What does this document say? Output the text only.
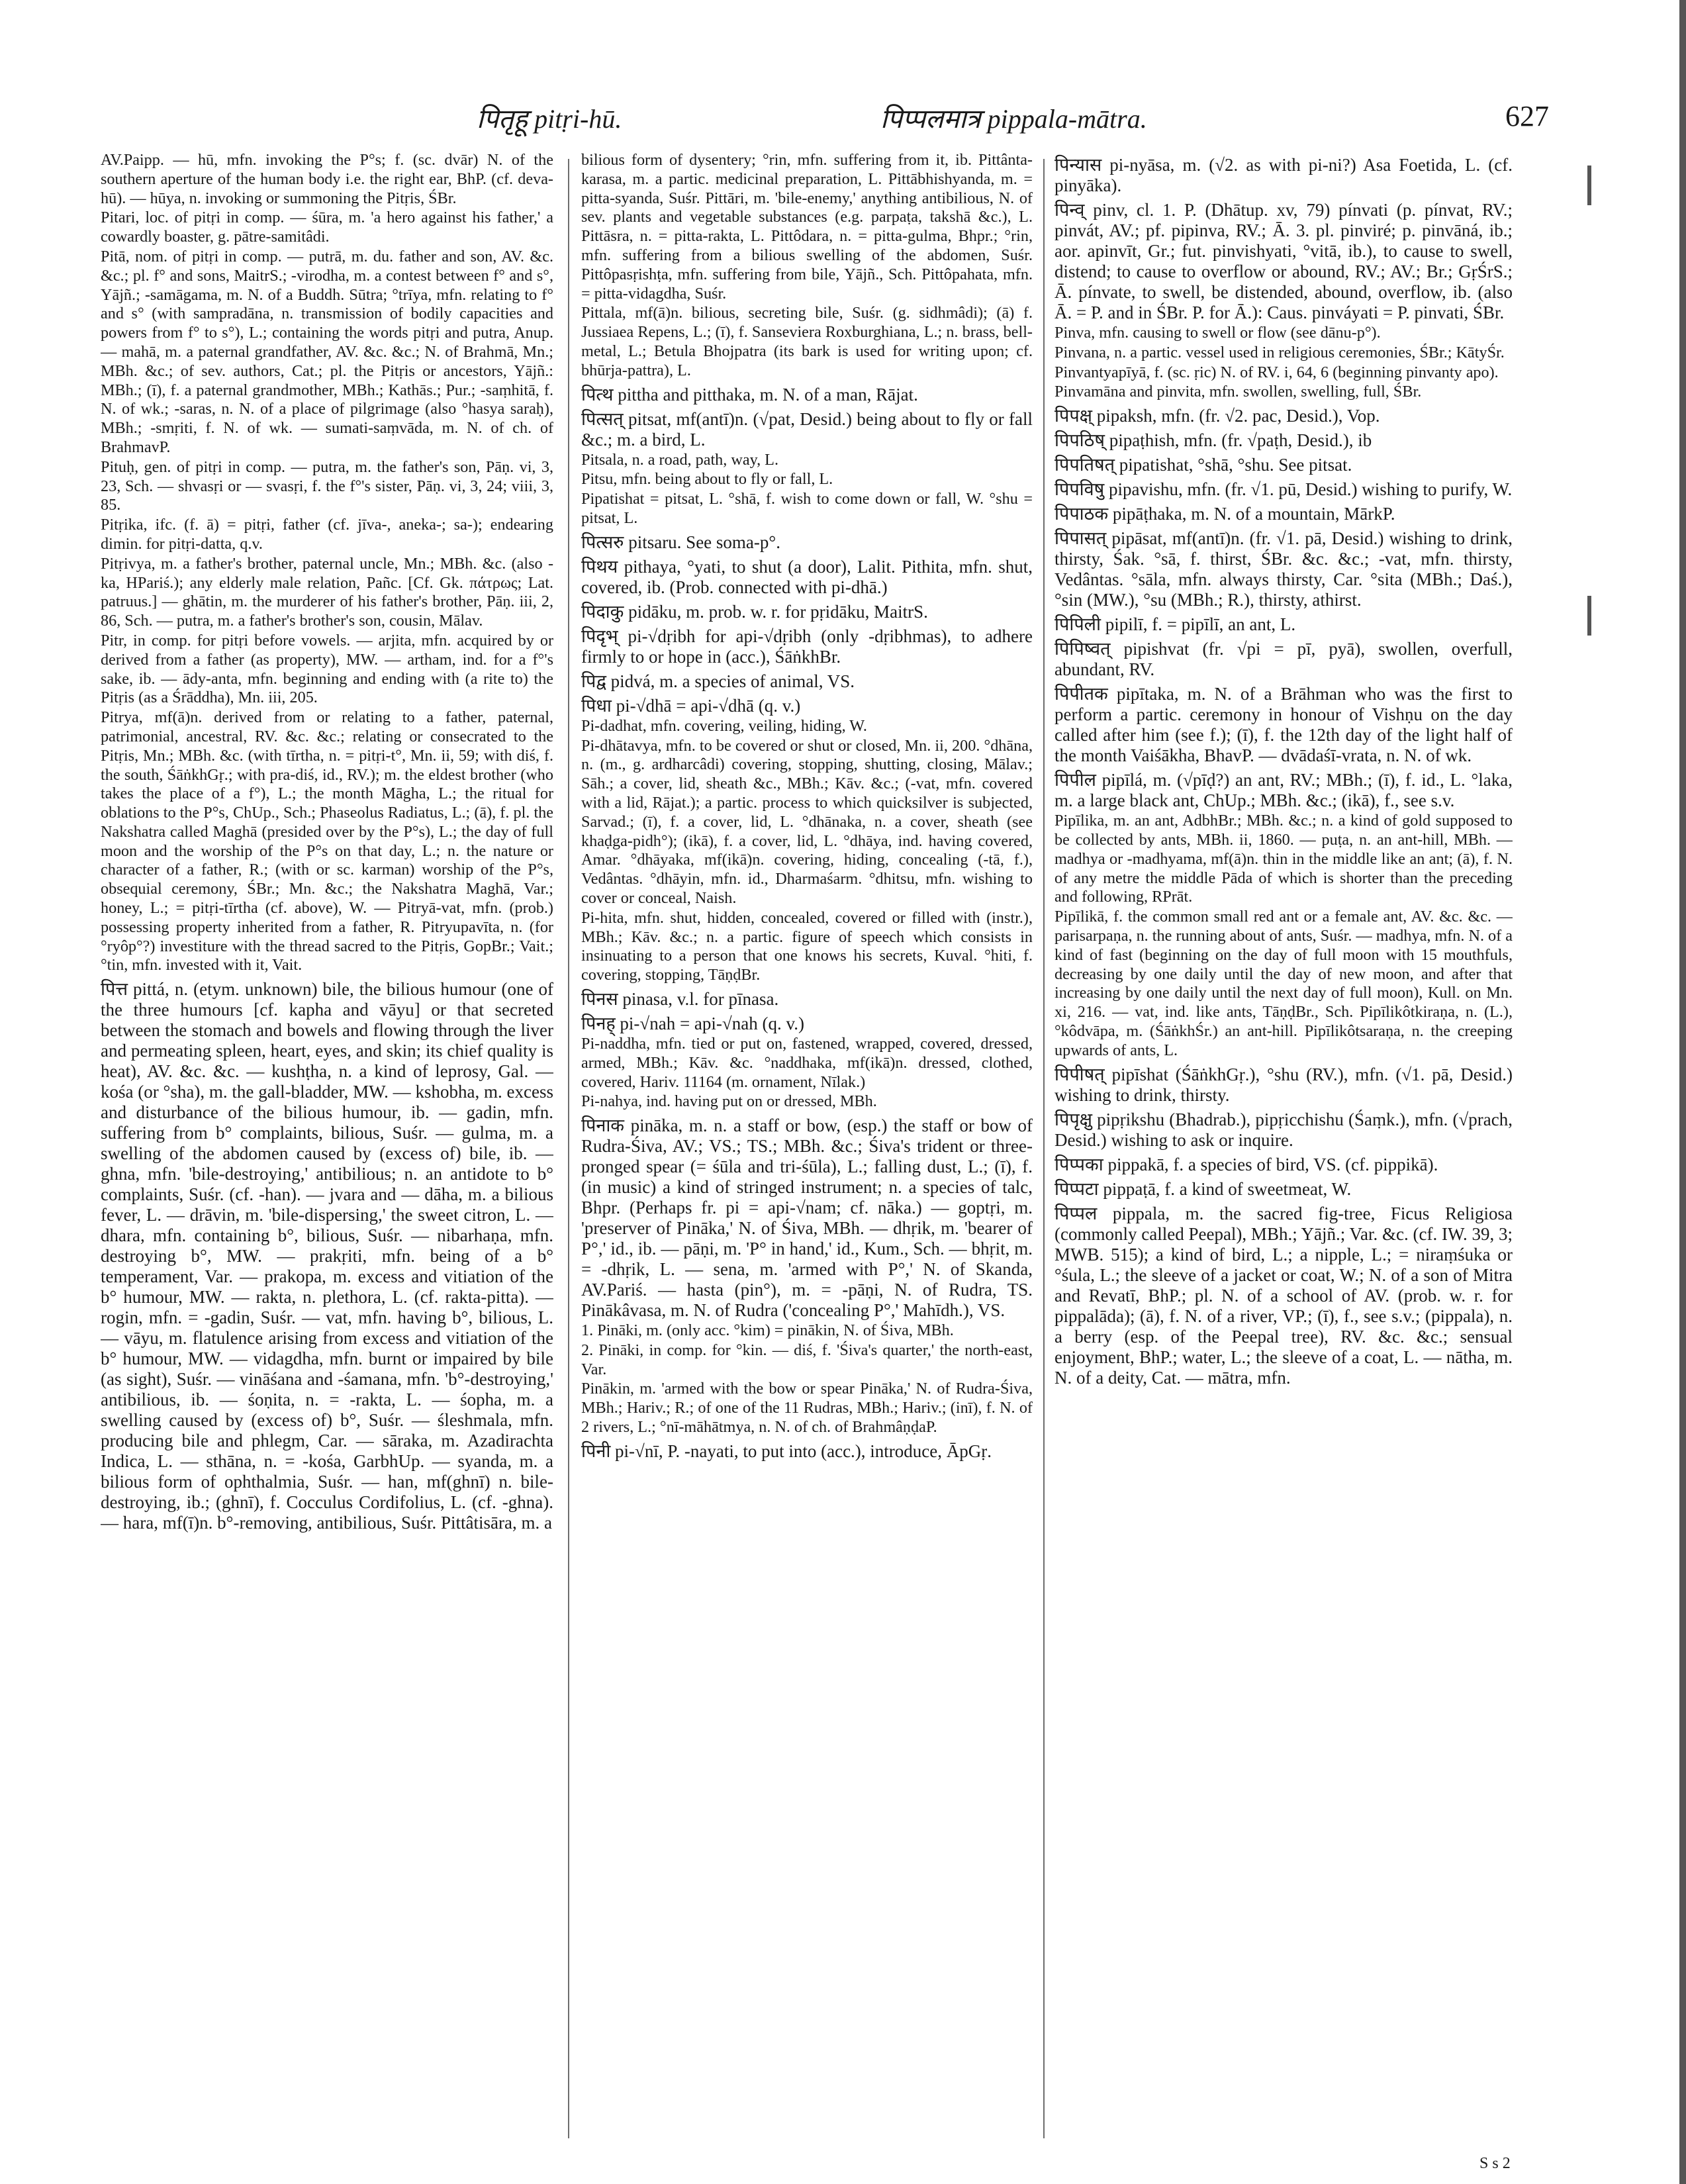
पितृहू pitṛi-hū.	पिप्पलमात्र pippala-mātra.	627

AV.Paipp. — hū, mfn. invoking the P°s; f. (sc. dvār) N. of the southern aperture of the human body i.e. the right ear, BhP. (cf. deva-hū). — hūya, n. invoking or summoning the Pitṛis, ŚBr.

Pitari, loc. of pitṛi in comp. — śūra, m. 'a hero against his father,' a cowardly boaster, g. pātre-samitâdi.

Pitā, nom. of pitṛi in comp. — putrā, m. du. father and son, AV. &c. &c.; pl. f° and sons, MaitrS.; -virodha, m. a contest between f° and s°, Yājñ.; -samāgama, m. N. of a Buddh. Sūtra; °trīya, mfn. relating to f° and s° (with sampradāna, n. transmission of bodily capacities and powers from f° to s°), L.; containing the words pitṛi and putra, Anup. — mahā, m. a paternal grandfather, AV. &c. &c.; N. of Brahmā, Mn.; MBh. &c.; of sev. authors, Cat.; pl. the Pitṛis or ancestors, Yājñ.: MBh.; (ī), f. a paternal grandmother, MBh.; Kathās.; Pur.; -saṃhitā, f. N. of wk.; -saras, n. N. of a place of pilgrimage (also °hasya saraḥ), MBh.; -smṛiti, f. N. of wk. — sumati-saṃvāda, m. N. of ch. of BrahmavP.

Pituḥ, gen. of pitṛi in comp. — putra, m. the father's son, Pāṇ. vi, 3, 23, Sch. — shvasṛi or — svasṛi, f. the f°'s sister, Pāṇ. vi, 3, 24; viii, 3, 85.

Pitṛika, ifc. (f. ā) = pitṛi, father (cf. jīva-, aneka-; sa-); endearing dimin. for pitṛi-datta, q.v.

Pitṛivya, m. a father's brother, paternal uncle, Mn.; MBh. &c. (also -ka, HPariś.); any elderly male relation, Pañc. [Cf. Gk. πάτρως; Lat. patruus.] — ghātin, m. the murderer of his father's brother, Pāṇ. iii, 2, 86, Sch. — putra, m. a father's brother's son, cousin, Mālav.

Pitr, in comp. for pitṛi before vowels. — arjita, mfn. acquired by or derived from a father (as property), MW. — artham, ind. for a f°'s sake, ib. — ādy-anta, mfn. beginning and ending with (a rite to) the Pitṛis (as a Śrāddha), Mn. iii, 205.

Pitrya, mf(ā)n. derived from or relating to a father, paternal, patrimonial, ancestral, RV. &c. &c.; relating or consecrated to the Pitṛis, Mn.; MBh. &c. (with tīrtha, n. = pitṛi-t°, Mn. ii, 59; with diś, f. the south, ŚāṅkhGṛ.; with pra-diś, id., RV.); m. the eldest brother (who takes the place of a f°), L.; the month Māgha, L.; the ritual for oblations to the P°s, ChUp., Sch.; Phaseolus Radiatus, L.; (ā), f. pl. the Nakshatra called Maghā (presided over by the P°s), L.; the day of full moon and the worship of the P°s on that day, L.; n. the nature or character of a father, R.; (with or sc. karman) worship of the P°s, obsequial ceremony, ŚBr.; Mn. &c.; the Nakshatra Maghā, Var.; honey, L.; = pitṛi-tīrtha (cf. above), W. — Pitryā-vat, mfn. (prob.) possessing property inherited from a father, R. Pitryupavīta, n. (for °ryôp°?) investiture with the thread sacred to the Pitṛis, GopBr.; Vait.; °tin, mfn. invested with it, Vait.

पित्त pittá, n. (etym. unknown) bile, the bilious humour (one of the three humours [cf. kapha and vāyu] or that secreted between the stomach and bowels and flowing through the liver and permeating spleen, heart, eyes, and skin; its chief quality is heat), AV. &c. &c. — kushṭha, n. a kind of leprosy, Gal. — kośa (or °sha), m. the gall-bladder, MW. — kshobha, m. excess and disturbance of the bilious humour, ib. — gadin, mfn. suffering from b° complaints, bilious, Suśr. — gulma, m. a swelling of the abdomen caused by (excess of) bile, ib. — ghna, mfn. 'bile-destroying,' antibilious; n. an antidote to b° complaints, Suśr. (cf. -han). — jvara and — dāha, m. a bilious fever, L. — drāvin, m. 'bile-dispersing,' the sweet citron, L. — dhara, mfn. containing b°, bilious, Suśr. — nibarhaṇa, mfn. destroying b°, MW. — prakṛiti, mfn. being of a b° temperament, Var. — prakopa, m. excess and vitiation of the b° humour, MW. — rakta, n. plethora, L. (cf. rakta-pitta). — rogin, mfn. = -gadin, Suśr. — vat, mfn. having b°, bilious, L. — vāyu, m. flatulence arising from excess and vitiation of the b° humour, MW. — vidagdha, mfn. burnt or impaired by bile (as sight), Suśr. — vināśana and -śamana, mfn. 'b°-destroying,' antibilious, ib. — śoṇita, n. = -rakta, L. — śopha, m. a swelling caused by (excess of) b°, Suśr. — śleshmala, mfn. producing bile and phlegm, Car. — sāraka, m. Azadirachta Indica, L. — sthāna, n. = -kośa, GarbhUp. — syanda, m. a bilious form of ophthalmia, Suśr. — han, mf(ghnī) n. bile-destroying, ib.; (ghnī), f. Cocculus Cordifolius, L. (cf. -ghna). — hara, mf(ī)n. b°-removing, antibilious, Suśr. Pittâtisāra, m. a

bilious form of dysentery; °rin, mfn. suffering from it, ib. Pittânta-karasa, m. a partic. medicinal preparation, L. Pittābhishyanda, m. = pitta-syanda, Suśr. Pittāri, m. 'bile-enemy,' anything antibilious, N. of sev. plants and vegetable substances (e.g. parpaṭa, takshā &c.), L. Pittāsra, n. = pitta-rakta, L. Pittôdara, n. = pitta-gulma, Bhpr.; °rin, mfn. suffering from a bilious swelling of the abdomen, Suśr. Pittôpasṛishṭa, mfn. suffering from bile, Yājñ., Sch. Pittôpahata, mfn. = pitta-vidagdha, Suśr.

Pittala, mf(ā)n. bilious, secreting bile, Suśr. (g. sidhmâdi); (ā) f. Jussiaea Repens, L.; (ī), f. Sanseviera Roxburghiana, L.; n. brass, bell-metal, L.; Betula Bhojpatra (its bark is used for writing upon; cf. bhūrja-pattra), L.

पित्थ pittha and pitthaka, m. N. of a man, Rājat.

पित्सत् pitsat, mf(antī)n. (√pat, Desid.) being about to fly or fall &c.; m. a bird, L.

Pitsala, n. a road, path, way, L.

Pitsu, mfn. being about to fly or fall, L.

Pipatishat = pitsat, L. °shā, f. wish to come down or fall, W. °shu = pitsat, L.

पित्सरु pitsaru. See soma-p°.

पिथय pithaya, °yati, to shut (a door), Lalit. Pithita, mfn. shut, covered, ib. (Prob. connected with pi-dhā.)

पिदाकु pidāku, m. prob. w. r. for pṛidāku, MaitrS.

पिदृभ् pi-√dṛibh for api-√dṛibh (only -dṛibhmas), to adhere firmly to or hope in (acc.), ŚāṅkhBr.

पिद्व pidvá, m. a species of animal, VS.

पिधा pi-√dhā = api-√dhā (q. v.)

Pi-dadhat, mfn. covering, veiling, hiding, W.

Pi-dhātavya, mfn. to be covered or shut or closed, Mn. ii, 200. °dhāna, n. (m., g. ardharcâdi) covering, stopping, shutting, closing, Mālav.; Sāh.; a cover, lid, sheath &c., MBh.; Kāv. &c.; (-vat, mfn. covered with a lid, Rājat.); a partic. process to which quicksilver is subjected, Sarvad.; (ī), f. a cover, lid, L. °dhānaka, n. a cover, sheath (see khaḍga-pidh°); (ikā), f. a cover, lid, L. °dhāya, ind. having covered, Amar. °dhāyaka, mf(ikā)n. covering, hiding, concealing (-tā, f.), Vedântas. °dhāyin, mfn. id., Dharmaśarm. °dhitsu, mfn. wishing to cover or conceal, Naish.

Pi-hita, mfn. shut, hidden, concealed, covered or filled with (instr.), MBh.; Kāv. &c.; n. a partic. figure of speech which consists in insinuating to a person that one knows his secrets, Kuval. °hiti, f. covering, stopping, TāṇḍBr.

पिनस pinasa, v.l. for pīnasa.

पिनह् pi-√nah = api-√nah (q. v.)

Pi-naddha, mfn. tied or put on, fastened, wrapped, covered, dressed, armed, MBh.; Kāv. &c. °naddhaka, mf(ikā)n. dressed, clothed, covered, Hariv. 11164 (m. ornament, Nīlak.)

Pi-nahya, ind. having put on or dressed, MBh.

पिनाक pināka, m. n. a staff or bow, (esp.) the staff or bow of Rudra-Śiva, AV.; VS.; TS.; MBh. &c.; Śiva's trident or three-pronged spear (= śūla and tri-śūla), L.; falling dust, L.; (ī), f. (in music) a kind of stringed instrument; n. a species of talc, Bhpr. (Perhaps fr. pi = api-√nam; cf. nāka.) — goptṛi, m. 'preserver of Pināka,' N. of Śiva, MBh. — dhṛik, m. 'bearer of P°,' id., ib. — pāṇi, m. 'P° in hand,' id., Kum., Sch. — bhṛit, m. = -dhṛik, L. — sena, m. 'armed with P°,' N. of Skanda, AV.Pariś. — hasta (pin°), m. = -pāṇi, N. of Rudra, TS. Pinākâvasa, m. N. of Rudra ('concealing P°,' Mahīdh.), VS.

1. Pināki, m. (only acc. °kim) = pinākin, N. of Śiva, MBh.

2. Pināki, in comp. for °kin. — diś, f. 'Śiva's quarter,' the north-east, Var.

Pinākin, m. 'armed with the bow or spear Pināka,' N. of Rudra-Śiva, MBh.; Hariv.; R.; of one of the 11 Rudras, MBh.; Hariv.; (inī), f. N. of 2 rivers, L.; °nī-māhātmya, n. N. of ch. of BrahmâṇḍaP.

पिनी pi-√nī, P. -nayati, to put into (acc.), introduce, ĀpGṛ.

पिन्यास pi-nyāsa, m. (√2. as with pi-ni?) Asa Foetida, L. (cf. pinyāka).

पिन्व् pinv, cl. 1. P. (Dhātup. xv, 79) pínvati (p. pínvat, RV.; pinvát, AV.; pf. pipinva, RV.; Ā. 3. pl. pinviré; p. pinvāná, ib.; aor. apinvīt, Gr.; fut. pinvishyati, °vitā, ib.), to cause to swell, distend; to cause to overflow or abound, RV.; AV.; Br.; GṛŚrS.; Ā. pínvate, to swell, be distended, abound, overflow, ib. (also Ā. = P. and in ŚBr. P. for Ā.): Caus. pinváyati = P. pinvati, ŚBr.

Pinva, mfn. causing to swell or flow (see dānu-p°).

Pinvana, n. a partic. vessel used in religious ceremonies, ŚBr.; KātyŚr.

Pinvantyapīyā, f. (sc. ṛic) N. of RV. i, 64, 6 (beginning pinvanty apo).

Pinvamāna and pinvita, mfn. swollen, swelling, full, ŚBr.

पिपक्ष् pipaksh, mfn. (fr. √2. pac, Desid.), Vop.

पिपठिष् pipaṭhish, mfn. (fr. √paṭh, Desid.), ib

पिपतिषत् pipatishat, °shā, °shu. See pitsat.

पिपविषु pipavishu, mfn. (fr. √1. pū, Desid.) wishing to purify, W.

पिपाठक pipāṭhaka, m. N. of a mountain, MārkP.

पिपासत् pipāsat, mf(antī)n. (fr. √1. pā, Desid.) wishing to drink, thirsty, Śak. °sā, f. thirst, ŚBr. &c. &c.; -vat, mfn. thirsty, Vedântas. °sāla, mfn. always thirsty, Car. °sita (MBh.; Daś.), °sin (MW.), °su (MBh.; R.), thirsty, athirst.

पिपिली pipilī, f. = pipīlī, an ant, L.

पिपिष्वत् pipishvat (fr. √pi = pī, pyā), swollen, overfull, abundant, RV.

पिपीतक pipītaka, m. N. of a Brāhman who was the first to perform a partic. ceremony in honour of Vishṇu on the day called after him (see f.); (ī), f. the 12th day of the light half of the month Vaiśākha, BhavP. — dvādaśī-vrata, n. N. of wk.

पिपील pipīlá, m. (√pīḍ?) an ant, RV.; MBh.; (ī), f. id., L. °laka, m. a large black ant, ChUp.; MBh. &c.; (ikā), f., see s.v.

Pipīlika, m. an ant, AdbhBr.; MBh. &c.; n. a kind of gold supposed to be collected by ants, MBh. ii, 1860. — puṭa, n. an ant-hill, MBh. — madhya or -madhyama, mf(ā)n. thin in the middle like an ant; (ā), f. N. of any metre the middle Pāda of which is shorter than the preceding and following, RPrāt.

Pipīlikā, f. the common small red ant or a female ant, AV. &c. &c. — parisarpaṇa, n. the running about of ants, Suśr. — madhya, mfn. N. of a kind of fast (beginning on the day of full moon with 15 mouthfuls, decreasing by one daily until the day of new moon, and after that increasing by one daily until the next day of full moon), Kull. on Mn. xi, 216. — vat, ind. like ants, TāṇḍBr., Sch. Pipīlikôtkiraṇa, n. (L.), °kôdvāpa, m. (ŚāṅkhŚr.) an ant-hill. Pipīlikôtsaraṇa, n. the creeping upwards of ants, L.

पिपीषत् pipīshat (ŚāṅkhGṛ.), °shu (RV.), mfn. (√1. pā, Desid.) wishing to drink, thirsty.

पिपृक्षु pipṛikshu (Bhadrab.), pipṛicchishu (Śaṃk.), mfn. (√prach, Desid.) wishing to ask or inquire.

पिप्पका pippakā, f. a species of bird, VS. (cf. pippikā).

पिप्पटा pippaṭā, f. a kind of sweetmeat, W.

पिप्पल pippala, m. the sacred fig-tree, Ficus Religiosa (commonly called Peepal), MBh.; Yājñ.; Var. &c. (cf. IW. 39, 3; MWB. 515); a kind of bird, L.; a nipple, L.; = niraṃśuka or °śula, L.; the sleeve of a jacket or coat, W.; N. of a son of Mitra and Revatī, BhP.; pl. N. of a school of AV. (prob. w. r. for pippalāda); (ā), f. N. of a river, VP.; (ī), f., see s.v.; (pippala), n. a berry (esp. of the Peepal tree), RV. &c. &c.; sensual enjoyment, BhP.; water, L.; the sleeve of a coat, L. — nātha, m. N. of a deity, Cat. — mātra, mfn.

S s 2
